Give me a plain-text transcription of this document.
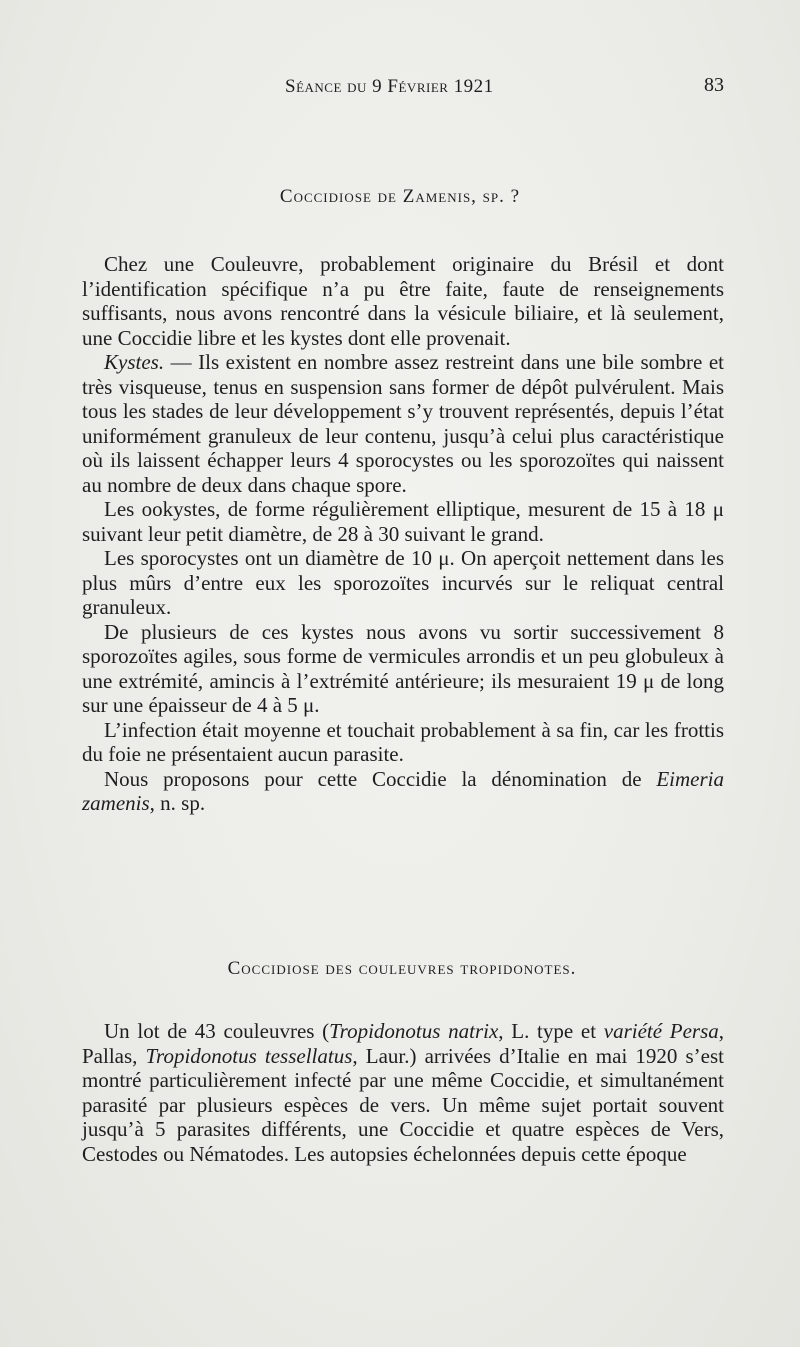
Séance du 9 Février 1921	83
Coccidiose de Zamenis, sp. ?

Chez une Couleuvre, probablement originaire du Brésil et dont l’identification spécifique n’a pu être faite, faute de renseignements suffisants, nous avons rencontré dans la vésicule biliaire, et là seulement, une Coccidie libre et les kystes dont elle provenait.

Kystes. — Ils existent en nombre assez restreint dans une bile sombre et très visqueuse, tenus en suspension sans former de dépôt pulvérulent. Mais tous les stades de leur développement s’y trouvent représentés, depuis l’état uniformément granuleux de leur contenu, jusqu’à celui plus caractéristique où ils laissent échapper leurs 4 sporocystes ou les sporozoïtes qui naissent au nombre de deux dans chaque spore.

Les ookystes, de forme régulièrement elliptique, mesurent de 15 à 18 μ suivant leur petit diamètre, de 28 à 30 suivant le grand.

Les sporocystes ont un diamètre de 10 μ. On aperçoit nettement dans les plus mûrs d’entre eux les sporozoïtes incurvés sur le reliquat central granuleux.

De plusieurs de ces kystes nous avons vu sortir successivement 8 sporozoïtes agiles, sous forme de vermicules arrondis et un peu globuleux à une extrémité, amincis à l’extrémité antérieure; ils mesuraient 19 μ de long sur une épaisseur de 4 à 5 μ.

L’infection était moyenne et touchait probablement à sa fin, car les frottis du foie ne présentaient aucun parasite.

Nous proposons pour cette Coccidie la dénomination de Eimeria zamenis, n. sp.

Coccidiose des couleuvres tropidonotes.

Un lot de 43 couleuvres (Tropidonotus natrix, L. type et variété Persa, Pallas, Tropidonotus tessellatus, Laur.) arrivées d’Italie en mai 1920 s’est montré particulièrement infecté par une même Coccidie, et simultanément parasité par plusieurs espèces de vers. Un même sujet portait souvent jusqu’à 5 parasites différents, une Coccidie et quatre espèces de Vers, Cestodes ou Nématodes. Les autopsies échelonnées depuis cette époque
